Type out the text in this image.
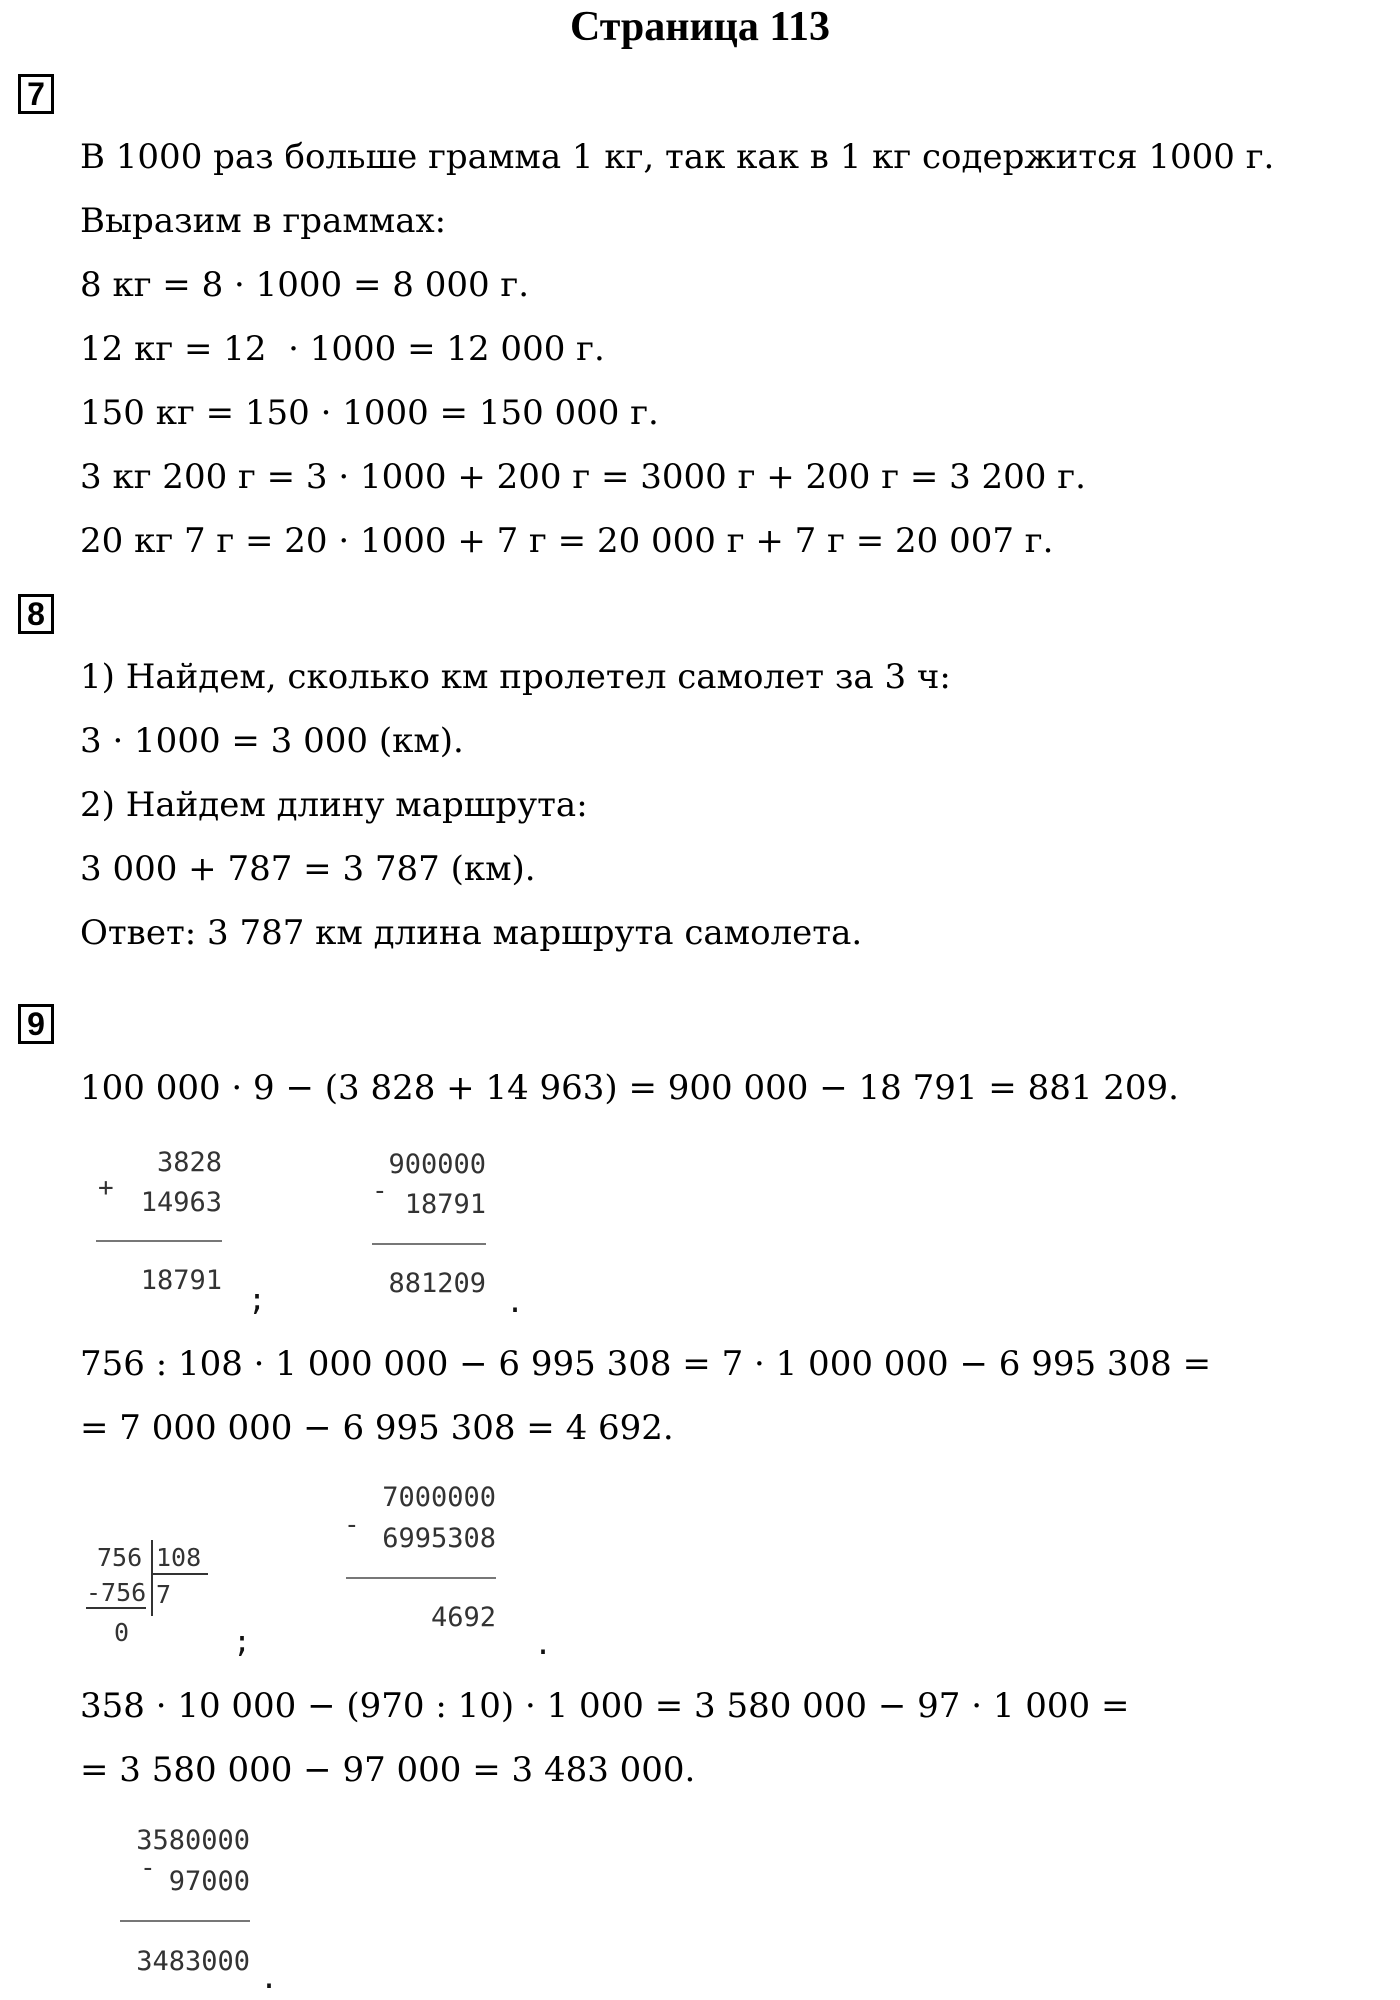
Страница 113
7
В 1000 раз больше грамма 1 кг, так как в 1 кг содержится 1000 г.
Выразим в граммах:
8 кг = 8 · 1000 = 8 000 г.
12 кг = 12  · 1000 = 12 000 г.
150 кг = 150 · 1000 = 150 000 г.
3 кг 200 г = 3 · 1000 + 200 г = 3000 г + 200 г = 3 200 г.
20 кг 7 г = 20 · 1000 + 7 г = 20 000 г + 7 г = 20 007 г.
8
1) Найдем, сколько км пролетел самолет за 3 ч:
3 · 1000 = 3 000 (км).
2) Найдем длину маршрута:
3 000 + 787 = 3 787 (км).
Ответ: 3 787 км длина маршрута самолета.
9
100 000 · 9 − (3 828 + 14 963) = 900 000 − 18 791 = 881 209.
+
3828
14963
18791
;
900000
- 18791
881209
.
756 : 108 · 1 000 000 − 6 995 308 = 7 · 1 000 000 − 6 995 308 =
= 7 000 000 − 6 995 308 = 4 692.
756 108
-756 7
0	;
-
7000000
6995308
4692
.
358 · 10 000 − (970 : 10) · 1 000 = 3 580 000 − 97 · 1 000 =
= 3 580 000 − 97 000 = 3 483 000.
3580000
- 97000
3483000 .
